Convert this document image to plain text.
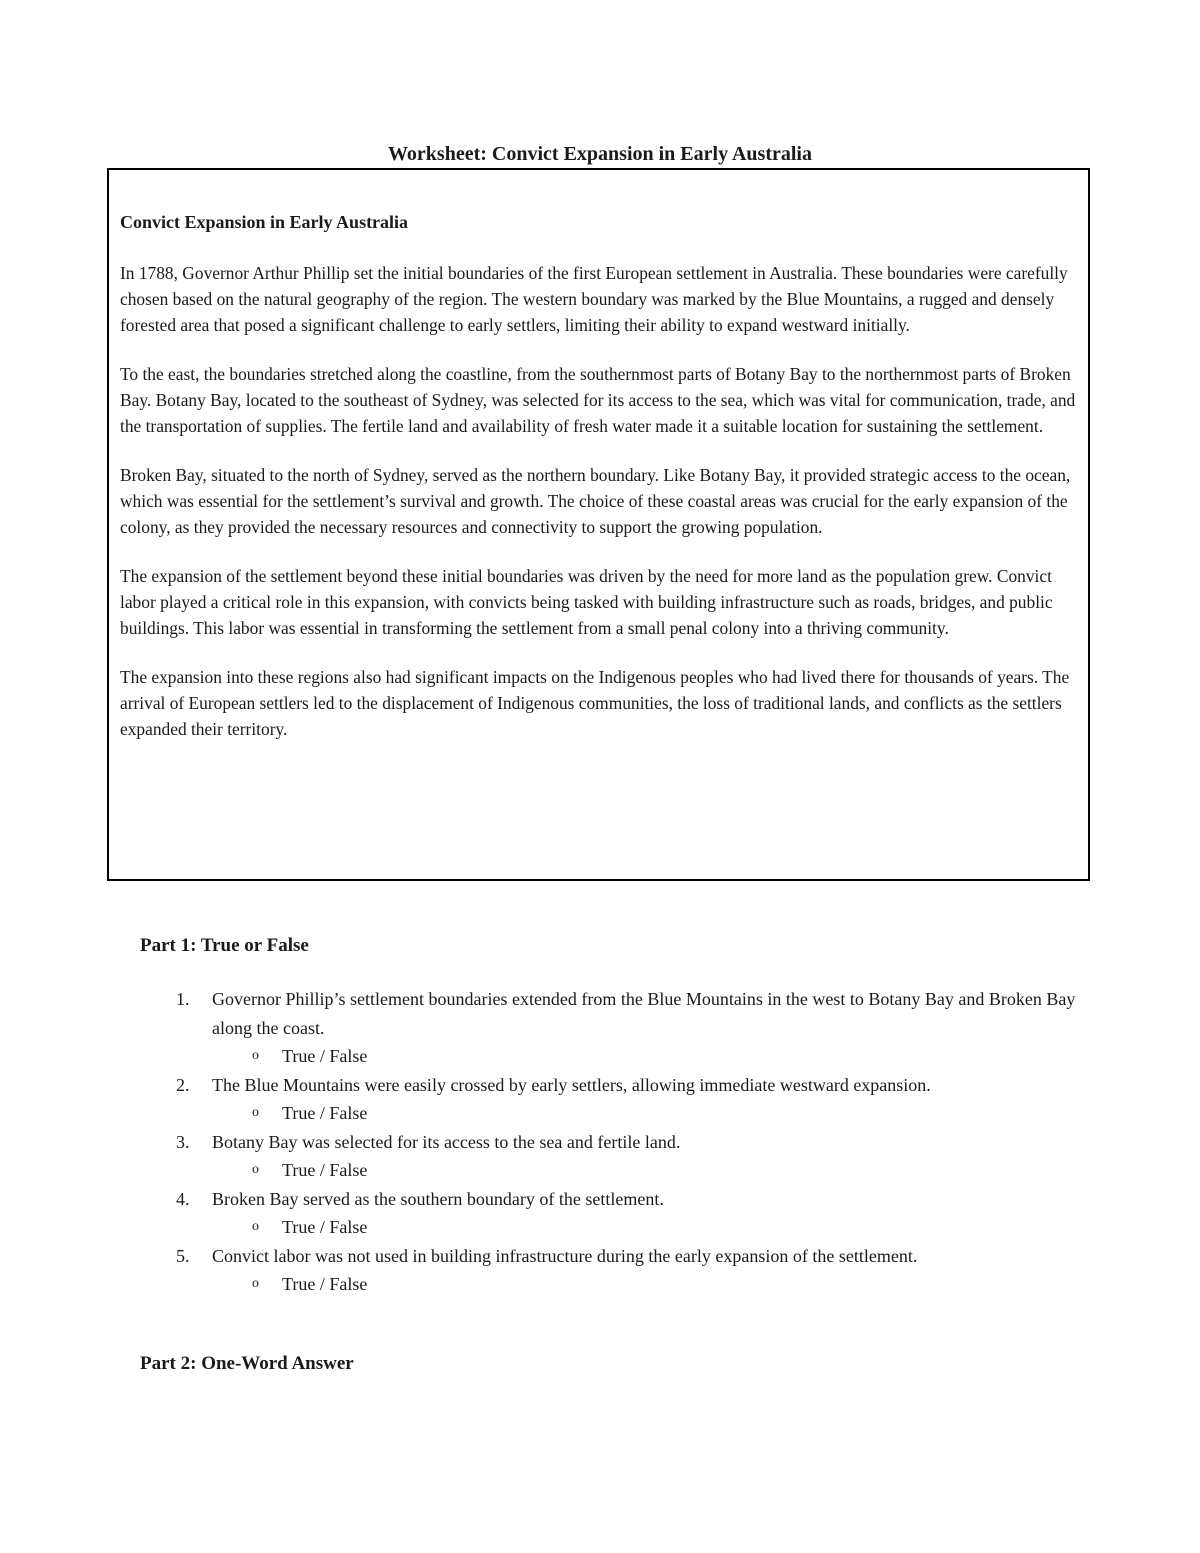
Worksheet: Convict Expansion in Early Australia

Convict Expansion in Early Australia

In 1788, Governor Arthur Phillip set the initial boundaries of the first European settlement in Australia. These boundaries were carefully chosen based on the natural geography of the region. The western boundary was marked by the Blue Mountains, a rugged and densely forested area that posed a significant challenge to early settlers, limiting their ability to expand westward initially.

To the east, the boundaries stretched along the coastline, from the southernmost parts of Botany Bay to the northernmost parts of Broken Bay. Botany Bay, located to the southeast of Sydney, was selected for its access to the sea, which was vital for communication, trade, and the transportation of supplies. The fertile land and availability of fresh water made it a suitable location for sustaining the settlement.

Broken Bay, situated to the north of Sydney, served as the northern boundary. Like Botany Bay, it provided strategic access to the ocean, which was essential for the settlement’s survival and growth. The choice of these coastal areas was crucial for the early expansion of the colony, as they provided the necessary resources and connectivity to support the growing population.

The expansion of the settlement beyond these initial boundaries was driven by the need for more land as the population grew. Convict labor played a critical role in this expansion, with convicts being tasked with building infrastructure such as roads, bridges, and public buildings. This labor was essential in transforming the settlement from a small penal colony into a thriving community.

The expansion into these regions also had significant impacts on the Indigenous peoples who had lived there for thousands of years. The arrival of European settlers led to the displacement of Indigenous communities, the loss of traditional lands, and conflicts as the settlers expanded their territory.

Part 1: True or False
1. Governor Phillip’s settlement boundaries extended from the Blue Mountains in the west to Botany Bay and Broken Bay along the coast.
o True / False
2. The Blue Mountains were easily crossed by early settlers, allowing immediate westward expansion.
o True / False
3. Botany Bay was selected for its access to the sea and fertile land.
o True / False
4. Broken Bay served as the southern boundary of the settlement.
o True / False
5. Convict labor was not used in building infrastructure during the early expansion of the settlement.
o True / False
Part 2: One-Word Answer
